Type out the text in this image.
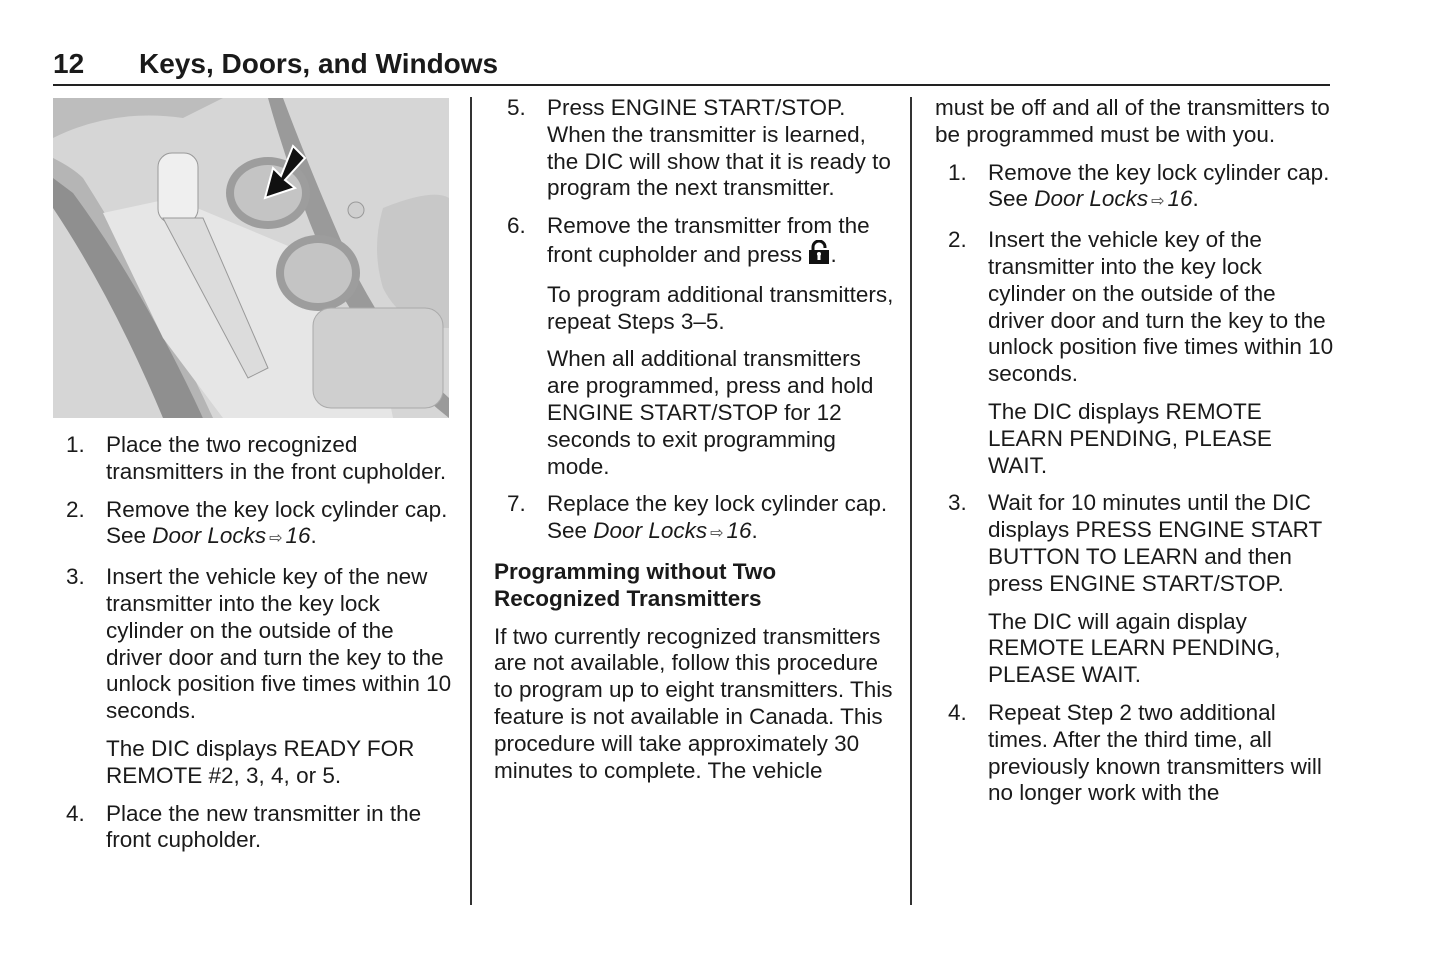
12 Keys, Doors, and Windows
1. Place the two recognized transmitters in the front cupholder.
2. Remove the key lock cylinder cap. See Door Locks ⇨ 16.
3. Insert the vehicle key of the new transmitter into the key lock cylinder on the outside of the driver door and turn the key to the unlock position five times within 10 seconds.
The DIC displays READY FOR REMOTE #2, 3, 4, or 5.
4. Place the new transmitter in the front cupholder.
5. Press ENGINE START/STOP. When the transmitter is learned, the DIC will show that it is ready to program the next transmitter.
6. Remove the transmitter from the front cupholder and press .
To program additional transmitters, repeat Steps 3–5.
When all additional transmitters are programmed, press and hold ENGINE START/STOP for 12 seconds to exit programming mode.
7. Replace the key lock cylinder cap. See Door Locks ⇨ 16.

Programming without Two Recognized Transmitters

If two currently recognized transmitters are not available, follow this procedure to program up to eight transmitters. This feature is not available in Canada. This procedure will take approximately 30 minutes to complete. The vehicle

must be off and all of the transmitters to be programmed must be with you.

1. Remove the key lock cylinder cap. See Door Locks ⇨ 16.
2. Insert the vehicle key of the transmitter into the key lock cylinder on the outside of the driver door and turn the key to the unlock position five times within 10 seconds.
The DIC displays REMOTE LEARN PENDING, PLEASE WAIT.
3. Wait for 10 minutes until the DIC displays PRESS ENGINE START BUTTON TO LEARN and then press ENGINE START/STOP.
The DIC will again display REMOTE LEARN PENDING, PLEASE WAIT.
4. Repeat Step 2 two additional times. After the third time, all previously known transmitters will no longer work with the
